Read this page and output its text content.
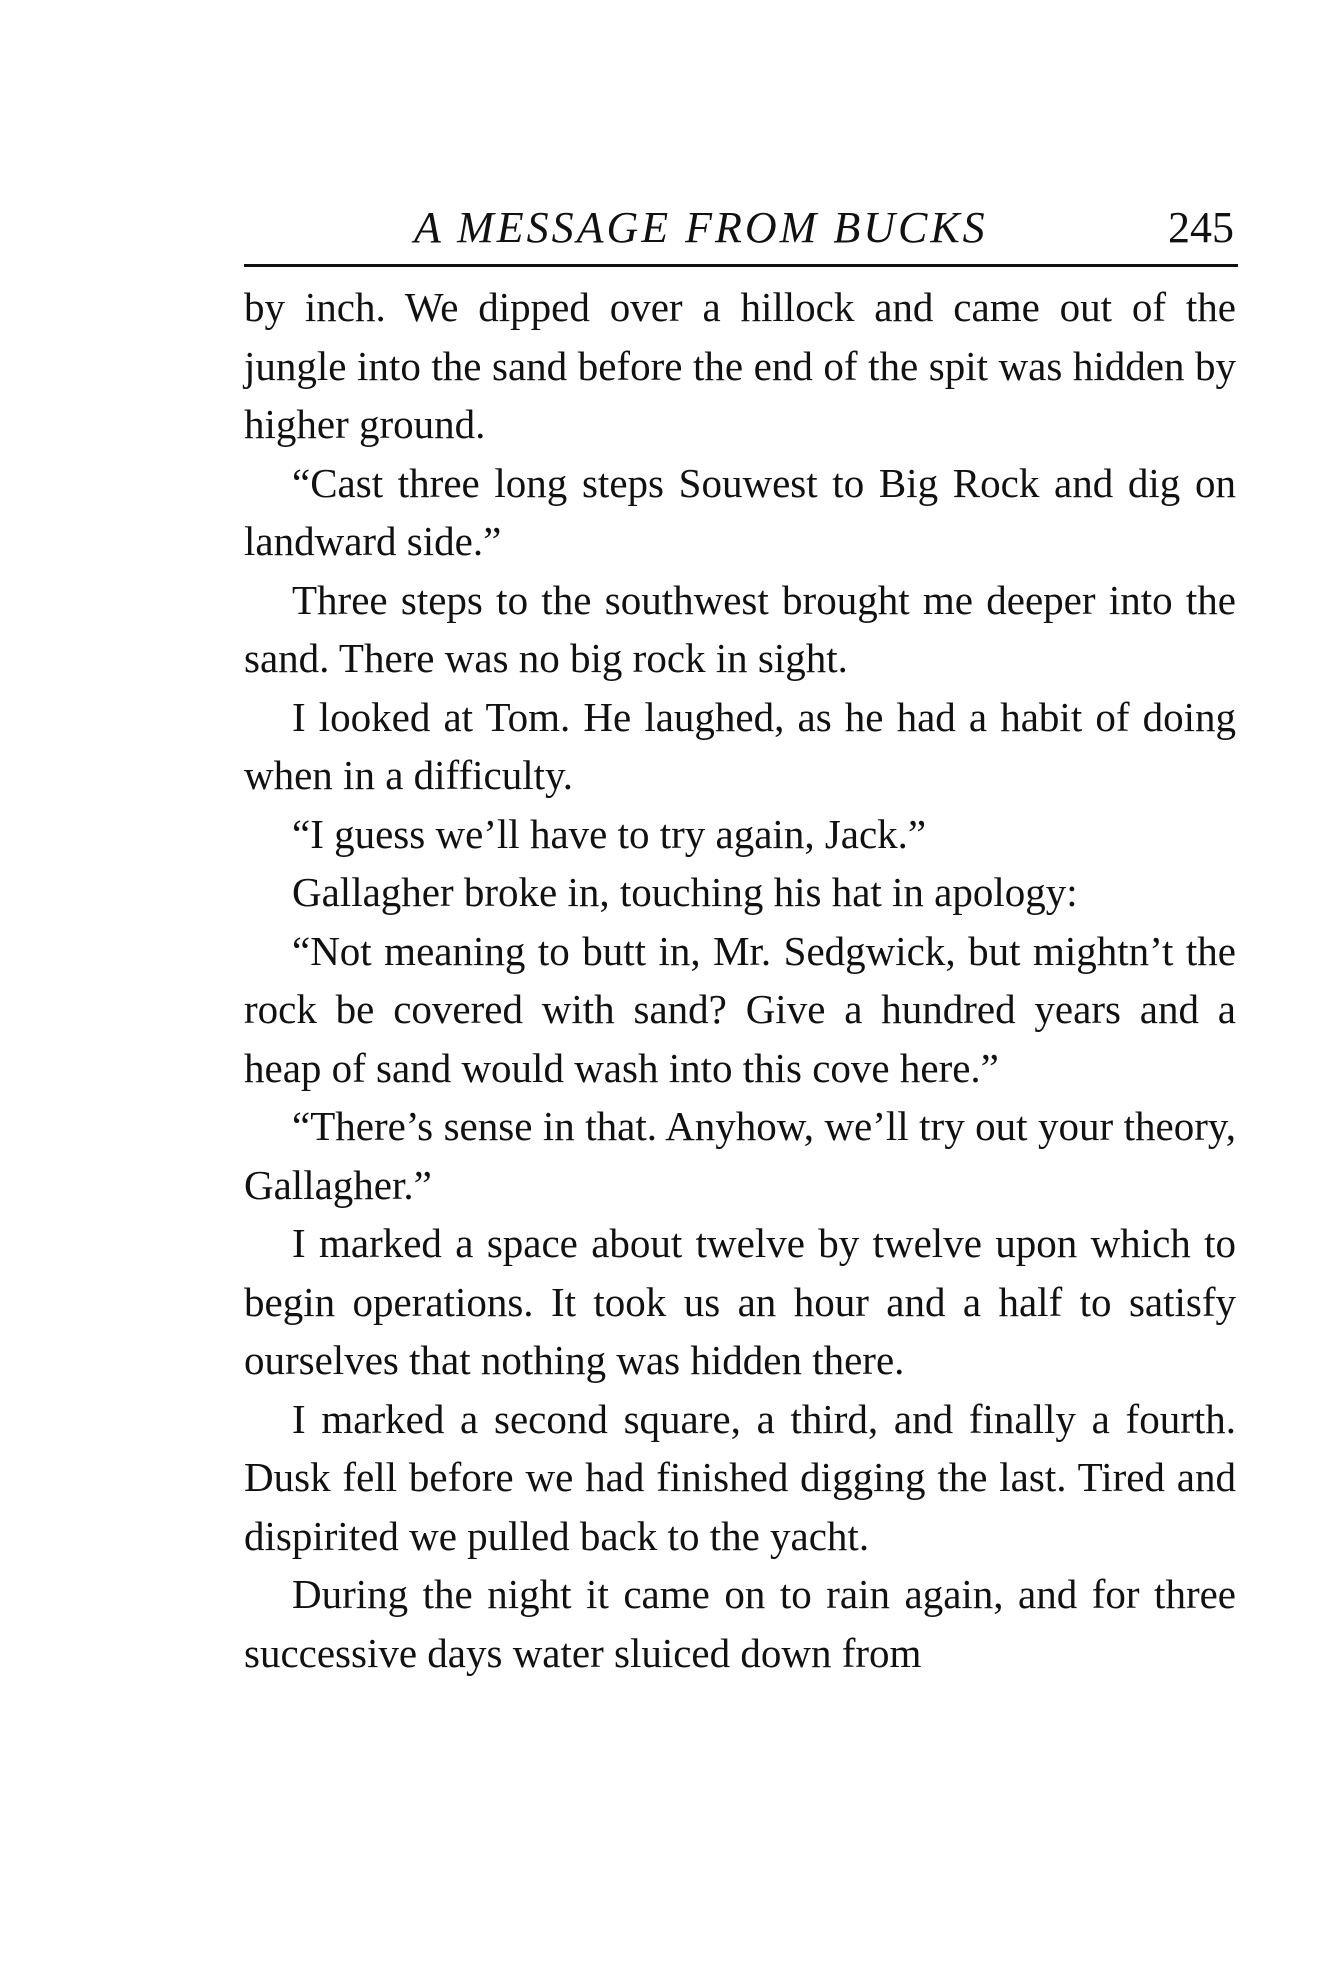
A MESSAGE FROM BUCKS	245

by inch. We dipped over a hillock and came out of the jungle into the sand before the end of the spit was hidden by higher ground.

“Cast three long steps Souwest to Big Rock and dig on landward side.”

Three steps to the southwest brought me deeper into the sand. There was no big rock in sight.

I looked at Tom. He laughed, as he had a habit of doing when in a difficulty.

“I guess we’ll have to try again, Jack.”

Gallagher broke in, touching his hat in apology:

“Not meaning to butt in, Mr. Sedgwick, but mightn’t the rock be covered with sand? Give a hundred years and a heap of sand would wash into this cove here.”

“There’s sense in that. Anyhow, we’ll try out your theory, Gallagher.”

I marked a space about twelve by twelve upon which to begin operations. It took us an hour and a half to satisfy ourselves that nothing was hidden there.

I marked a second square, a third, and finally a fourth. Dusk fell before we had finished digging the last. Tired and dispirited we pulled back to the yacht.

During the night it came on to rain again, and for three successive days water sluiced down from
